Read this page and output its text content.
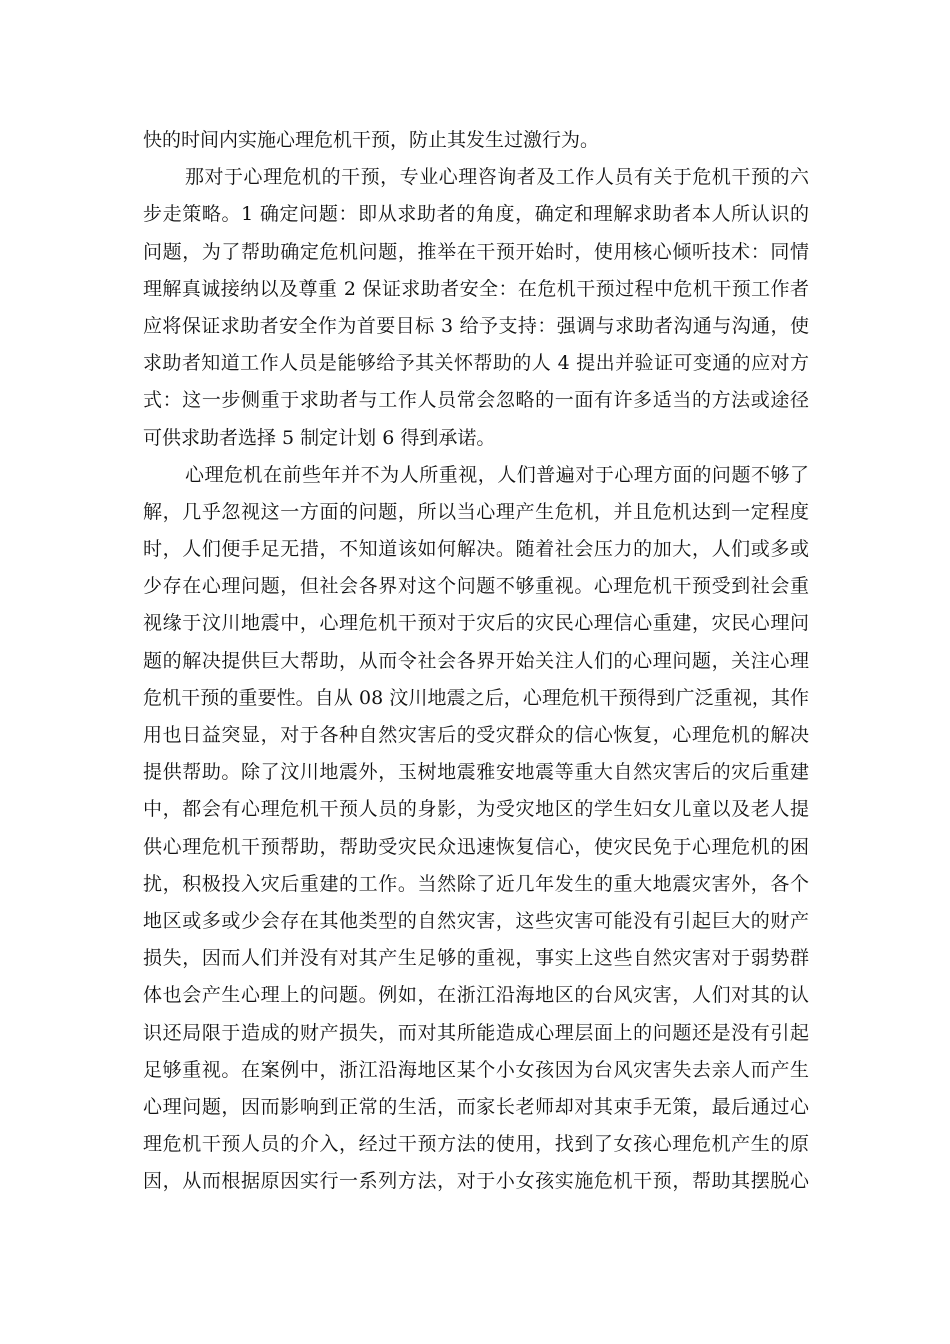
快的时间内实施心理危机干预，防止其发生过激行为。
那对于心理危机的干预，专业心理咨询者及工作人员有关于危机干预的六
步走策略。1 确定问题：即从求助者的角度，确定和理解求助者本人所认识的
问题，为了帮助确定危机问题，推举在干预开始时，使用核心倾听技术：同情
理解真诚接纳以及尊重 2 保证求助者安全：在危机干预过程中危机干预工作者
应将保证求助者安全作为首要目标 3 给予支持：强调与求助者沟通与沟通，使
求助者知道工作人员是能够给予其关怀帮助的人 4 提出并验证可变通的应对方
式：这一步侧重于求助者与工作人员常会忽略的一面有许多适当的方法或途径
可供求助者选择 5 制定计划 6 得到承诺。
心理危机在前些年并不为人所重视，人们普遍对于心理方面的问题不够了
解，几乎忽视这一方面的问题，所以当心理产生危机，并且危机达到一定程度
时，人们便手足无措，不知道该如何解决。随着社会压力的加大，人们或多或
少存在心理问题，但社会各界对这个问题不够重视。心理危机干预受到社会重
视缘于汶川地震中，心理危机干预对于灾后的灾民心理信心重建，灾民心理问
题的解决提供巨大帮助，从而令社会各界开始关注人们的心理问题，关注心理
危机干预的重要性。自从 08 汶川地震之后，心理危机干预得到广泛重视，其作
用也日益突显，对于各种自然灾害后的受灾群众的信心恢复，心理危机的解决
提供帮助。除了汶川地震外，玉树地震雅安地震等重大自然灾害后的灾后重建
中，都会有心理危机干预人员的身影，为受灾地区的学生妇女儿童以及老人提
供心理危机干预帮助，帮助受灾民众迅速恢复信心，使灾民免于心理危机的困
扰，积极投入灾后重建的工作。当然除了近几年发生的重大地震灾害外，各个
地区或多或少会存在其他类型的自然灾害，这些灾害可能没有引起巨大的财产
损失，因而人们并没有对其产生足够的重视，事实上这些自然灾害对于弱势群
体也会产生心理上的问题。例如，在浙江沿海地区的台风灾害，人们对其的认
识还局限于造成的财产损失，而对其所能造成心理层面上的问题还是没有引起
足够重视。在案例中，浙江沿海地区某个小女孩因为台风灾害失去亲人而产生
心理问题，因而影响到正常的生活，而家长老师却对其束手无策，最后通过心
理危机干预人员的介入，经过干预方法的使用，找到了女孩心理危机产生的原
因，从而根据原因实行一系列方法，对于小女孩实施危机干预，帮助其摆脱心
